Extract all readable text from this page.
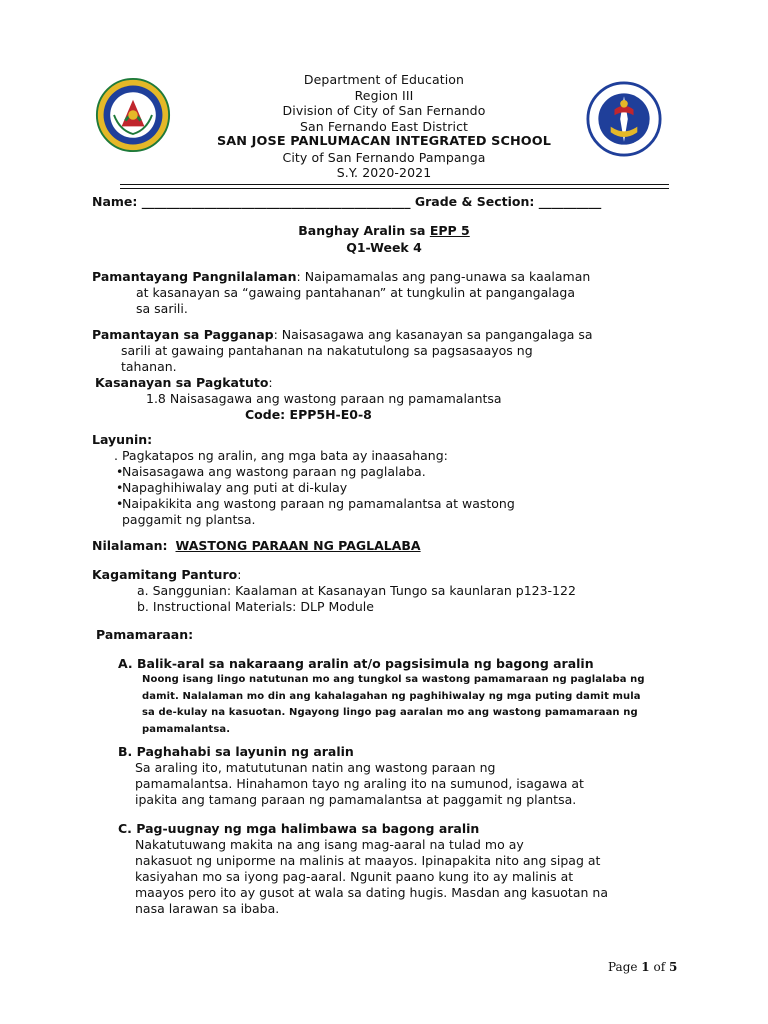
Department of Education
Region III
Division of City of San Fernando
San Fernando East District
SAN JOSE PANLUMACAN INTEGRATED SCHOOL
City of San Fernando Pampanga
S.Y. 2020-2021
Name: ___________________________________________ Grade & Section: __________
Banghay Aralin sa EPP 5
Q1-Week 4
Pamantayang Pangnilalaman: Naipamamalas ang pang-unawa sa kaalaman
at kasanayan sa “gawaing pantahanan” at tungkulin at pangangalaga
sa sarili.
Pamantayan sa Pagganap: Naisasagawa ang kasanayan sa pangangalaga sa
sarili at gawaing pantahanan na nakatutulong sa pagsasaayos ng
tahanan.
Kasanayan sa Pagkatuto:
1.8 Naisasagawa ang wastong paraan ng pamamalantsa
Code: EPP5H-E0-8
Layunin:
. Pagkatapos ng aralin, ang mga bata ay inaasahang:
• Naisasagawa ang wastong paraan ng paglalaba.
• Napaghihiwalay ang puti at di-kulay
• Naipakikita ang wastong paraan ng pamamalantsa at wastong
paggamit ng plantsa.
Nilalaman: WASTONG PARAAN NG PAGLALABA
Kagamitang Panturo:
a. Sanggunian: Kaalaman at Kasanayan Tungo sa kaunlaran p123-122
b. Instructional Materials: DLP Module
Pamamaraan:
A. Balik-aral sa nakaraang aralin at/o pagsisimula ng bagong aralin
Noong isang lingo natutunan mo ang tungkol sa wastong pamamaraan ng paglalaba ng
damit. Nalalaman mo din ang kahalagahan ng paghihiwalay ng mga puting damit mula
sa de-kulay na kasuotan. Ngayong lingo pag aaralan mo ang wastong pamamaraan ng
pamamalantsa.
B. Paghahabi sa layunin ng aralin
Sa araling ito, matututunan natin ang wastong paraan ng
pamamalantsa. Hinahamon tayo ng araling ito na sumunod, isagawa at
ipakita ang tamang paraan ng pamamalantsa at paggamit ng plantsa.
C. Pag-uugnay ng mga halimbawa sa bagong aralin
Nakatutuwang makita na ang isang mag-aaral na tulad mo ay
nakasuot ng uniporme na malinis at maayos. Ipinapakita nito ang sipag at
kasiyahan mo sa iyong pag-aaral. Ngunit paano kung ito ay malinis at
maayos pero ito ay gusot at wala sa dating hugis. Masdan ang kasuotan na
nasa larawan sa ibaba.
Page 1 of 5
